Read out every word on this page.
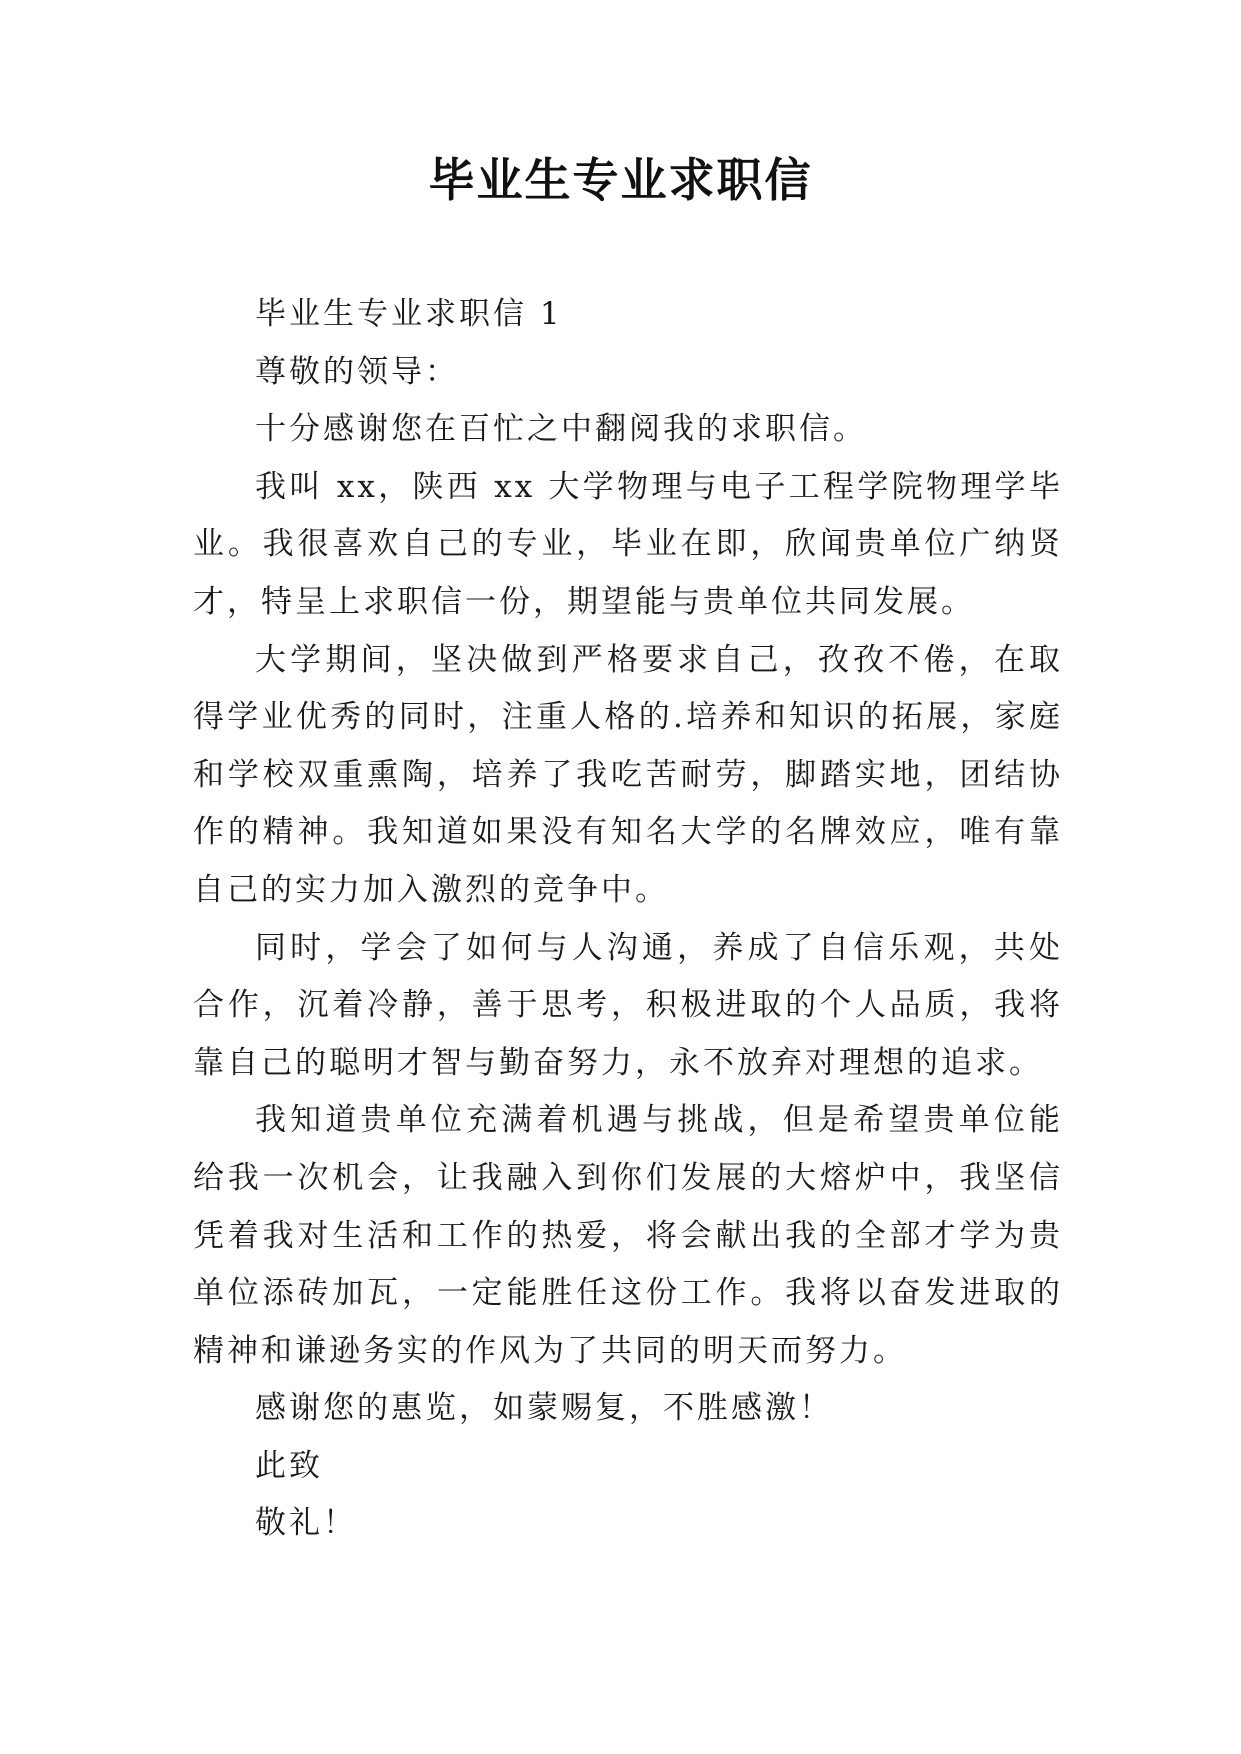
毕业生专业求职信

毕业生专业求职信 1

尊敬的领导：

十分感谢您在百忙之中翻阅我的求职信。

我叫 xx，陕西 xx 大学物理与电子工程学院物理学毕业。我很喜欢自己的专业，毕业在即，欣闻贵单位广纳贤才，特呈上求职信一份，期望能与贵单位共同发展。

大学期间，坚决做到严格要求自己，孜孜不倦，在取得学业优秀的同时，注重人格的.培养和知识的拓展，家庭和学校双重熏陶，培养了我吃苦耐劳，脚踏实地，团结协作的精神。我知道如果没有知名大学的名牌效应，唯有靠自己的实力加入激烈的竞争中。

同时，学会了如何与人沟通，养成了自信乐观，共处合作，沉着冷静，善于思考，积极进取的个人品质，我将靠自己的聪明才智与勤奋努力，永不放弃对理想的追求。

我知道贵单位充满着机遇与挑战，但是希望贵单位能给我一次机会，让我融入到你们发展的大熔炉中，我坚信凭着我对生活和工作的热爱，将会献出我的全部才学为贵单位添砖加瓦，一定能胜任这份工作。我将以奋发进取的精神和谦逊务实的作风为了共同的明天而努力。

感谢您的惠览，如蒙赐复，不胜感激！

此致

敬礼！
